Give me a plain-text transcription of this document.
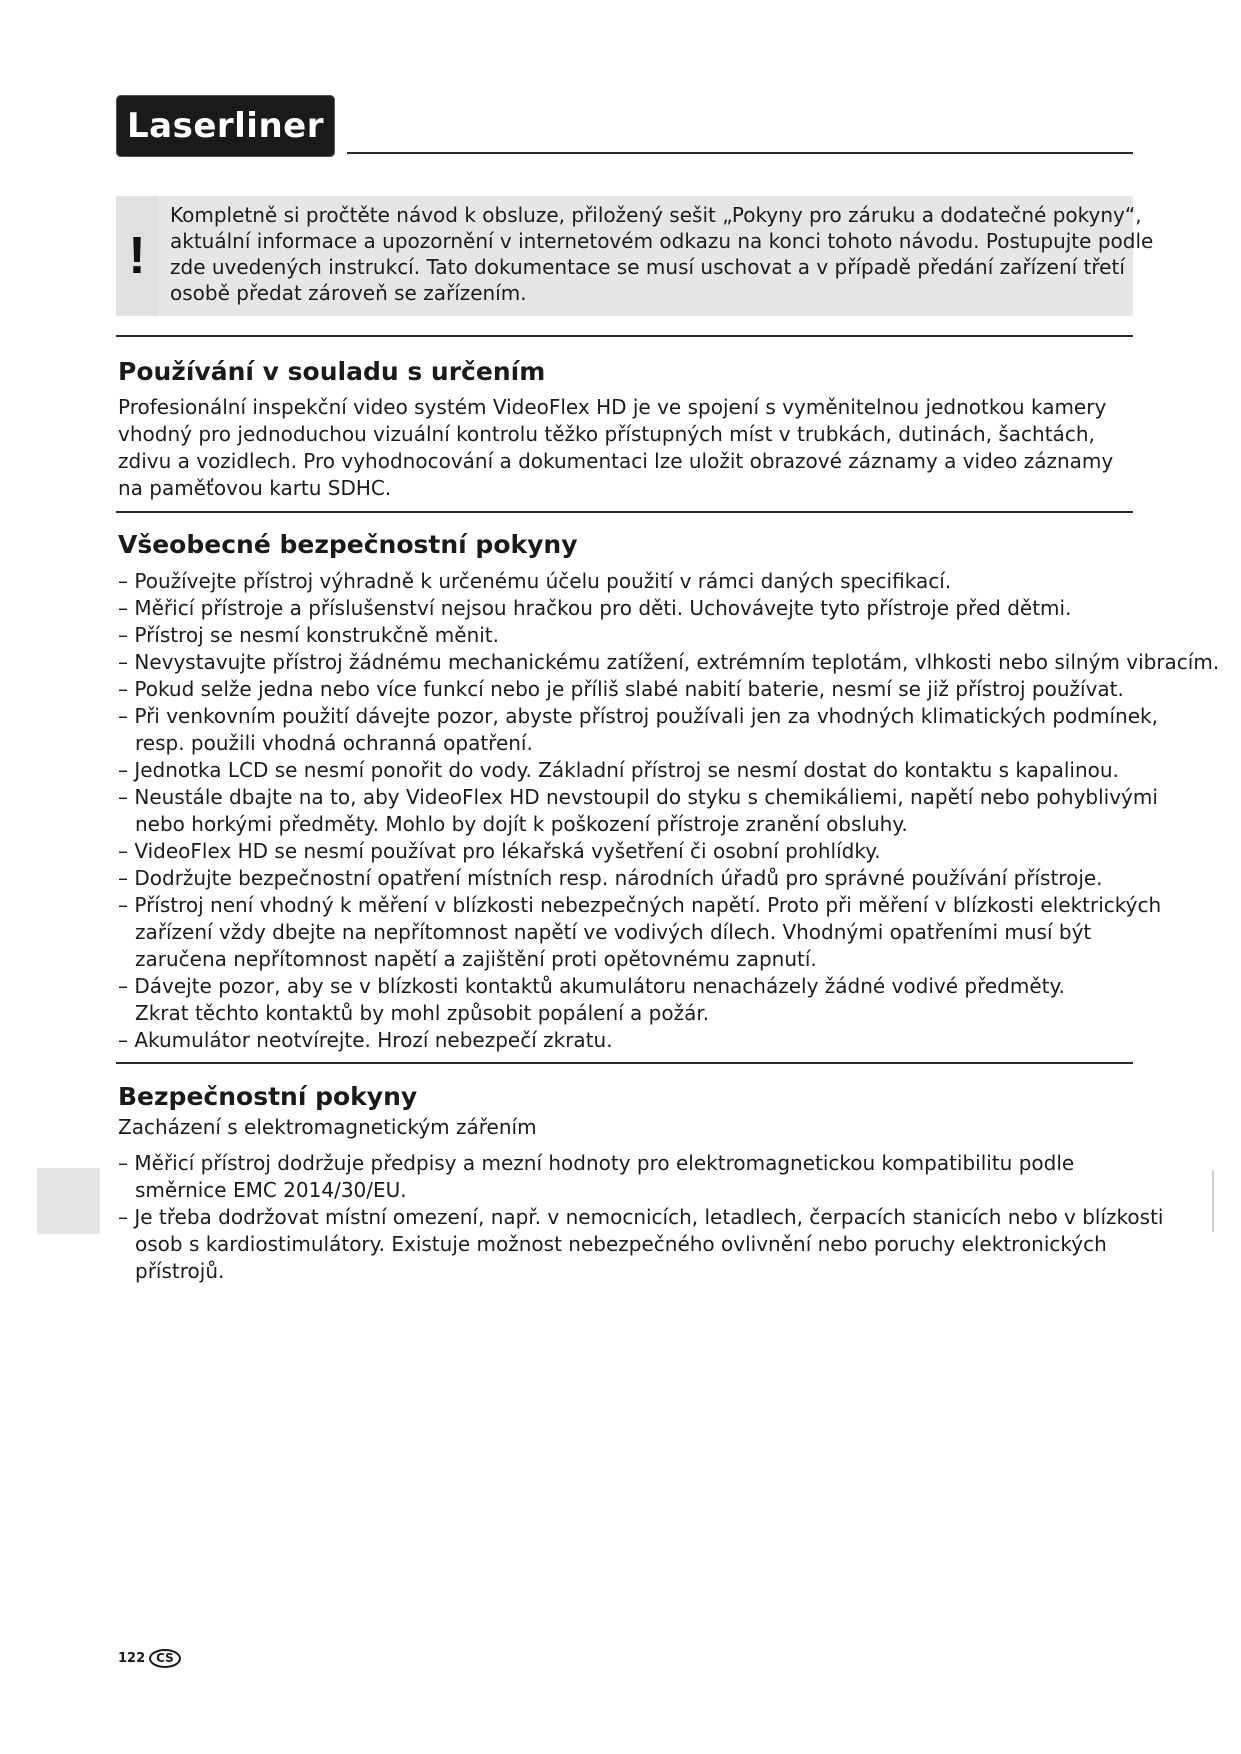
Laserliner
!
Kompletně si pročtěte návod k obsluze, přiložený sešit „Pokyny pro záruku a dodatečné pokyny“,
aktuální informace a upozornění v internetovém odkazu na konci tohoto návodu. Postupujte podle
zde uvedených instrukcí. Tato dokumentace se musí uschovat a v případě předání zařízení třetí
osobě předat zároveň se zařízením.
Používání v souladu s určením
Profesionální inspekční video systém VideoFlex HD je ve spojení s vyměnitelnou jednotkou kamery
vhodný pro jednoduchou vizuální kontrolu těžko přístupných míst v trubkách, dutinách, šachtách,
zdivu a vozidlech. Pro vyhodnocování a dokumentaci lze uložit obrazové záznamy a video záznamy
na paměťovou kartu SDHC.
Všeobecné bezpečnostní pokyny
– Používejte přístroj výhradně k určenému účelu použití v rámci daných specifikací.
– Měřicí přístroje a příslušenství nejsou hračkou pro děti. Uchovávejte tyto přístroje před dětmi.
– Přístroj se nesmí konstrukčně měnit.
– Nevystavujte přístroj žádnému mechanickému zatížení, extrémním teplotám, vlhkosti nebo silným vibracím.
– Pokud selže jedna nebo více funkcí nebo je příliš slabé nabití baterie, nesmí se již přístroj používat.
– Při venkovním použití dávejte pozor, abyste přístroj používali jen za vhodných klimatických podmínek,
resp. použili vhodná ochranná opatření.
– Jednotka LCD se nesmí ponořit do vody. Základní přístroj se nesmí dostat do kontaktu s kapalinou.
– Neustále dbajte na to, aby VideoFlex HD nevstoupil do styku s chemikáliemi, napětí nebo pohyblivými
nebo horkými předměty. Mohlo by dojít k poškození přístroje zranění obsluhy.
– VideoFlex HD se nesmí používat pro lékařská vyšetření či osobní prohlídky.
– Dodržujte bezpečnostní opatření místních resp. národních úřadů pro správné používání přístroje.
– Přístroj není vhodný k měření v blízkosti nebezpečných napětí. Proto při měření v blízkosti elektrických
zařízení vždy dbejte na nepřítomnost napětí ve vodivých dílech. Vhodnými opatřeními musí být
zaručena nepřítomnost napětí a zajištění proti opětovnému zapnutí.
– Dávejte pozor, aby se v blízkosti kontaktů akumulátoru nenacházely žádné vodivé předměty.
Zkrat těchto kontaktů by mohl způsobit popálení a požár.
– Akumulátor neotvírejte. Hrozí nebezpečí zkratu.
Bezpečnostní pokyny
Zacházení s elektromagnetickým zářením
– Měřicí přístroj dodržuje předpisy a mezní hodnoty pro elektromagnetickou kompatibilitu podle
směrnice EMC 2014/30/EU.
– Je třeba dodržovat místní omezení, např. v nemocnicích, letadlech, čerpacích stanicích nebo v blízkosti
osob s kardiostimulátory. Existuje možnost nebezpečného ovlivnění nebo poruchy elektronických
přístrojů.
122 CS
